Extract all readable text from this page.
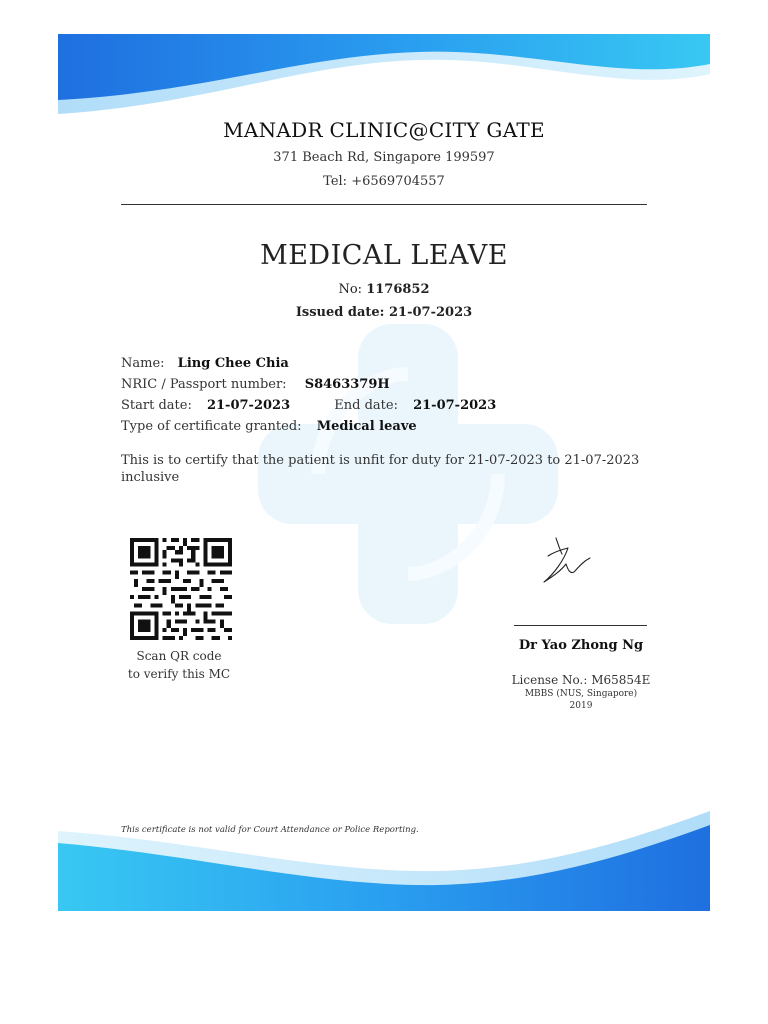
MANADR CLINIC@CITY GATE
371 Beach Rd, Singapore 199597
Tel: +6569704557
MEDICAL LEAVE
No: 1176852
Issued date: 21-07-2023
Name: Ling Chee Chia
NRIC / Passport number: S8463379H
Start date: 21-07-2023	End date: 21-07-2023
Type of certificate granted: Medical leave
This is to certify that the patient is unfit for duty for 21-07-2023 to 21-07-2023 inclusive
Scan QR code
to verify this MC
Dr Yao Zhong Ng
License No.: M65854E
MBBS (NUS, Singapore)
2019
This certificate is not valid for Court Attendance or Police Reporting.
